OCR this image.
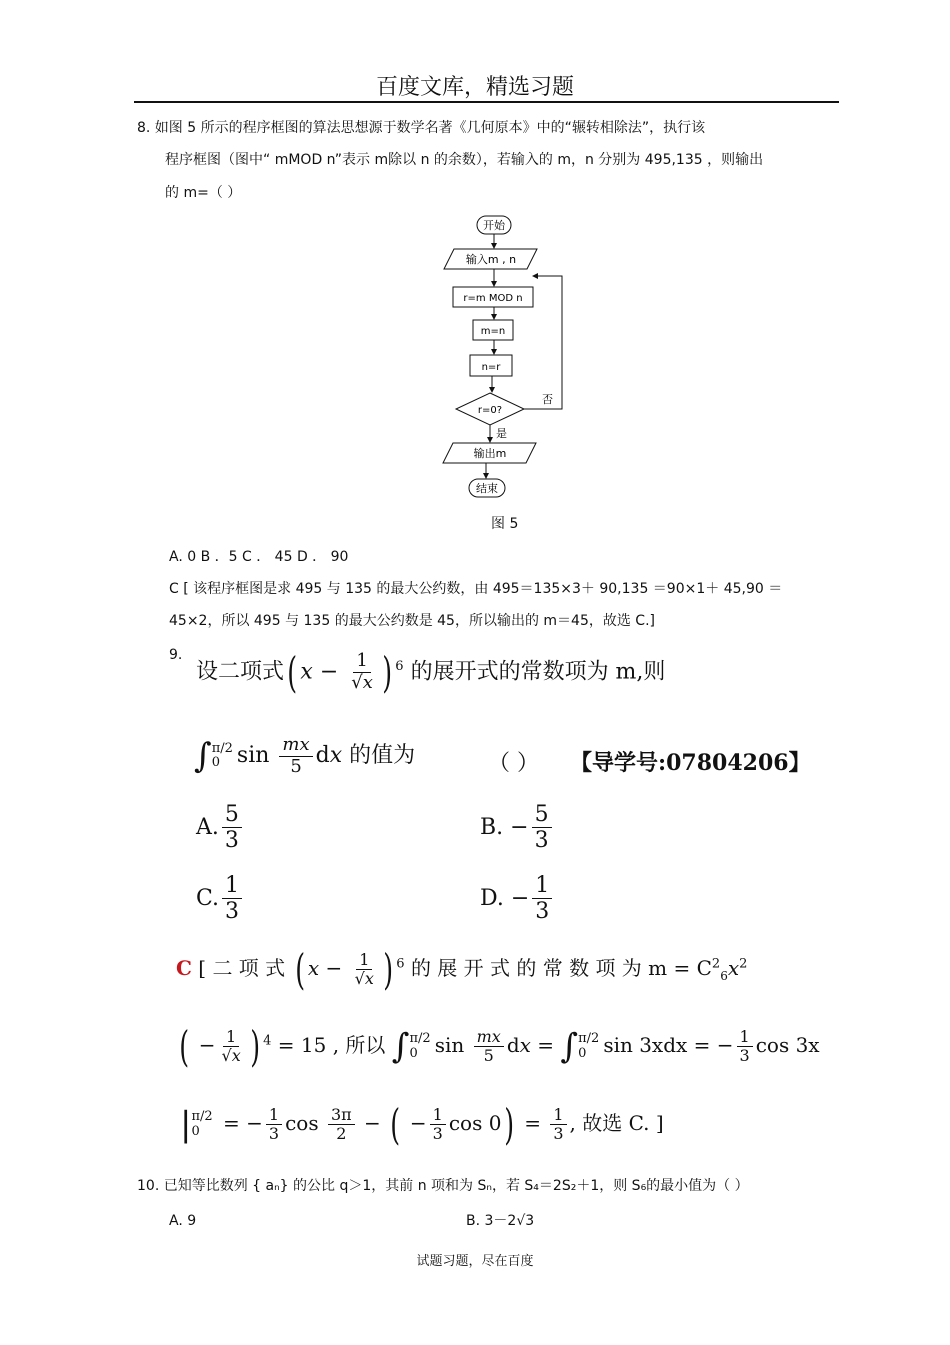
百度文库，精选习题
8. 如图 5 所示的程序框图的算法思想源于数学名著《几何原本》中的“辗转相除法”，执行该
程序框图（图中“ mMOD n”表示 m除以 n 的余数），若输入的 m，n 分别为 495,135 ，则输出
的 m=（ ）
开始
输入m , n
r=m MOD n
m=n
n=r
r=0?
否
是
输出m
结束
图 5
A. 0 B ．5 C ． 45 D ． 90
C [ 该程序框图是求 495 与 135 的最大公约数，由 495＝135×3＋ 90,135 ＝90×1＋ 45,90 ＝
45×2，所以 495 与 135 的最大公约数是 45，所以输出的 m＝45，故选 C.]
9.
设二项式( $x - \frac{1}{√x}$ ) $^6$ 的展开式的常数项为 m,则
∫ π/2
0 $\sin \frac{mx}{5}$ dx 的值为	（ ） 【导学号:07804206】
A. $\frac{5}{3}$	B. − $\frac{5}{3}$
C. $\frac{1}{3}$	D. − $\frac{1}{3}$
C [ 二 项 式 ( $x - \frac{1}{√x}$ ) $^6$ 的 展 开 式 的 常 数 项 为 $m = C^2_6x^2$
( − $\frac{1}{√x}$ ) $^4$ = 15 , 所以 ∫ π/2
0 $\sin \frac{mx}{5}$ dx = ∫ π/2
0 sin 3xdx = − $\frac{1}{3}$ cos 3x
| π/2
0 = − $\frac{1}{3}$ $\cos \frac{3\pi}{2}$ − ( − $\frac{1}{3}$ $\cos 0) = \frac{1}{3}$ , 故选 C. ]
10. 已知等比数列 { aₙ} 的公比 q＞1，其前 n 项和为 Sₙ，若 S₄＝2S₂＋1，则 S₆的最小值为（ ）
A. 9	B. 3－2√3
试题习题，尽在百度
